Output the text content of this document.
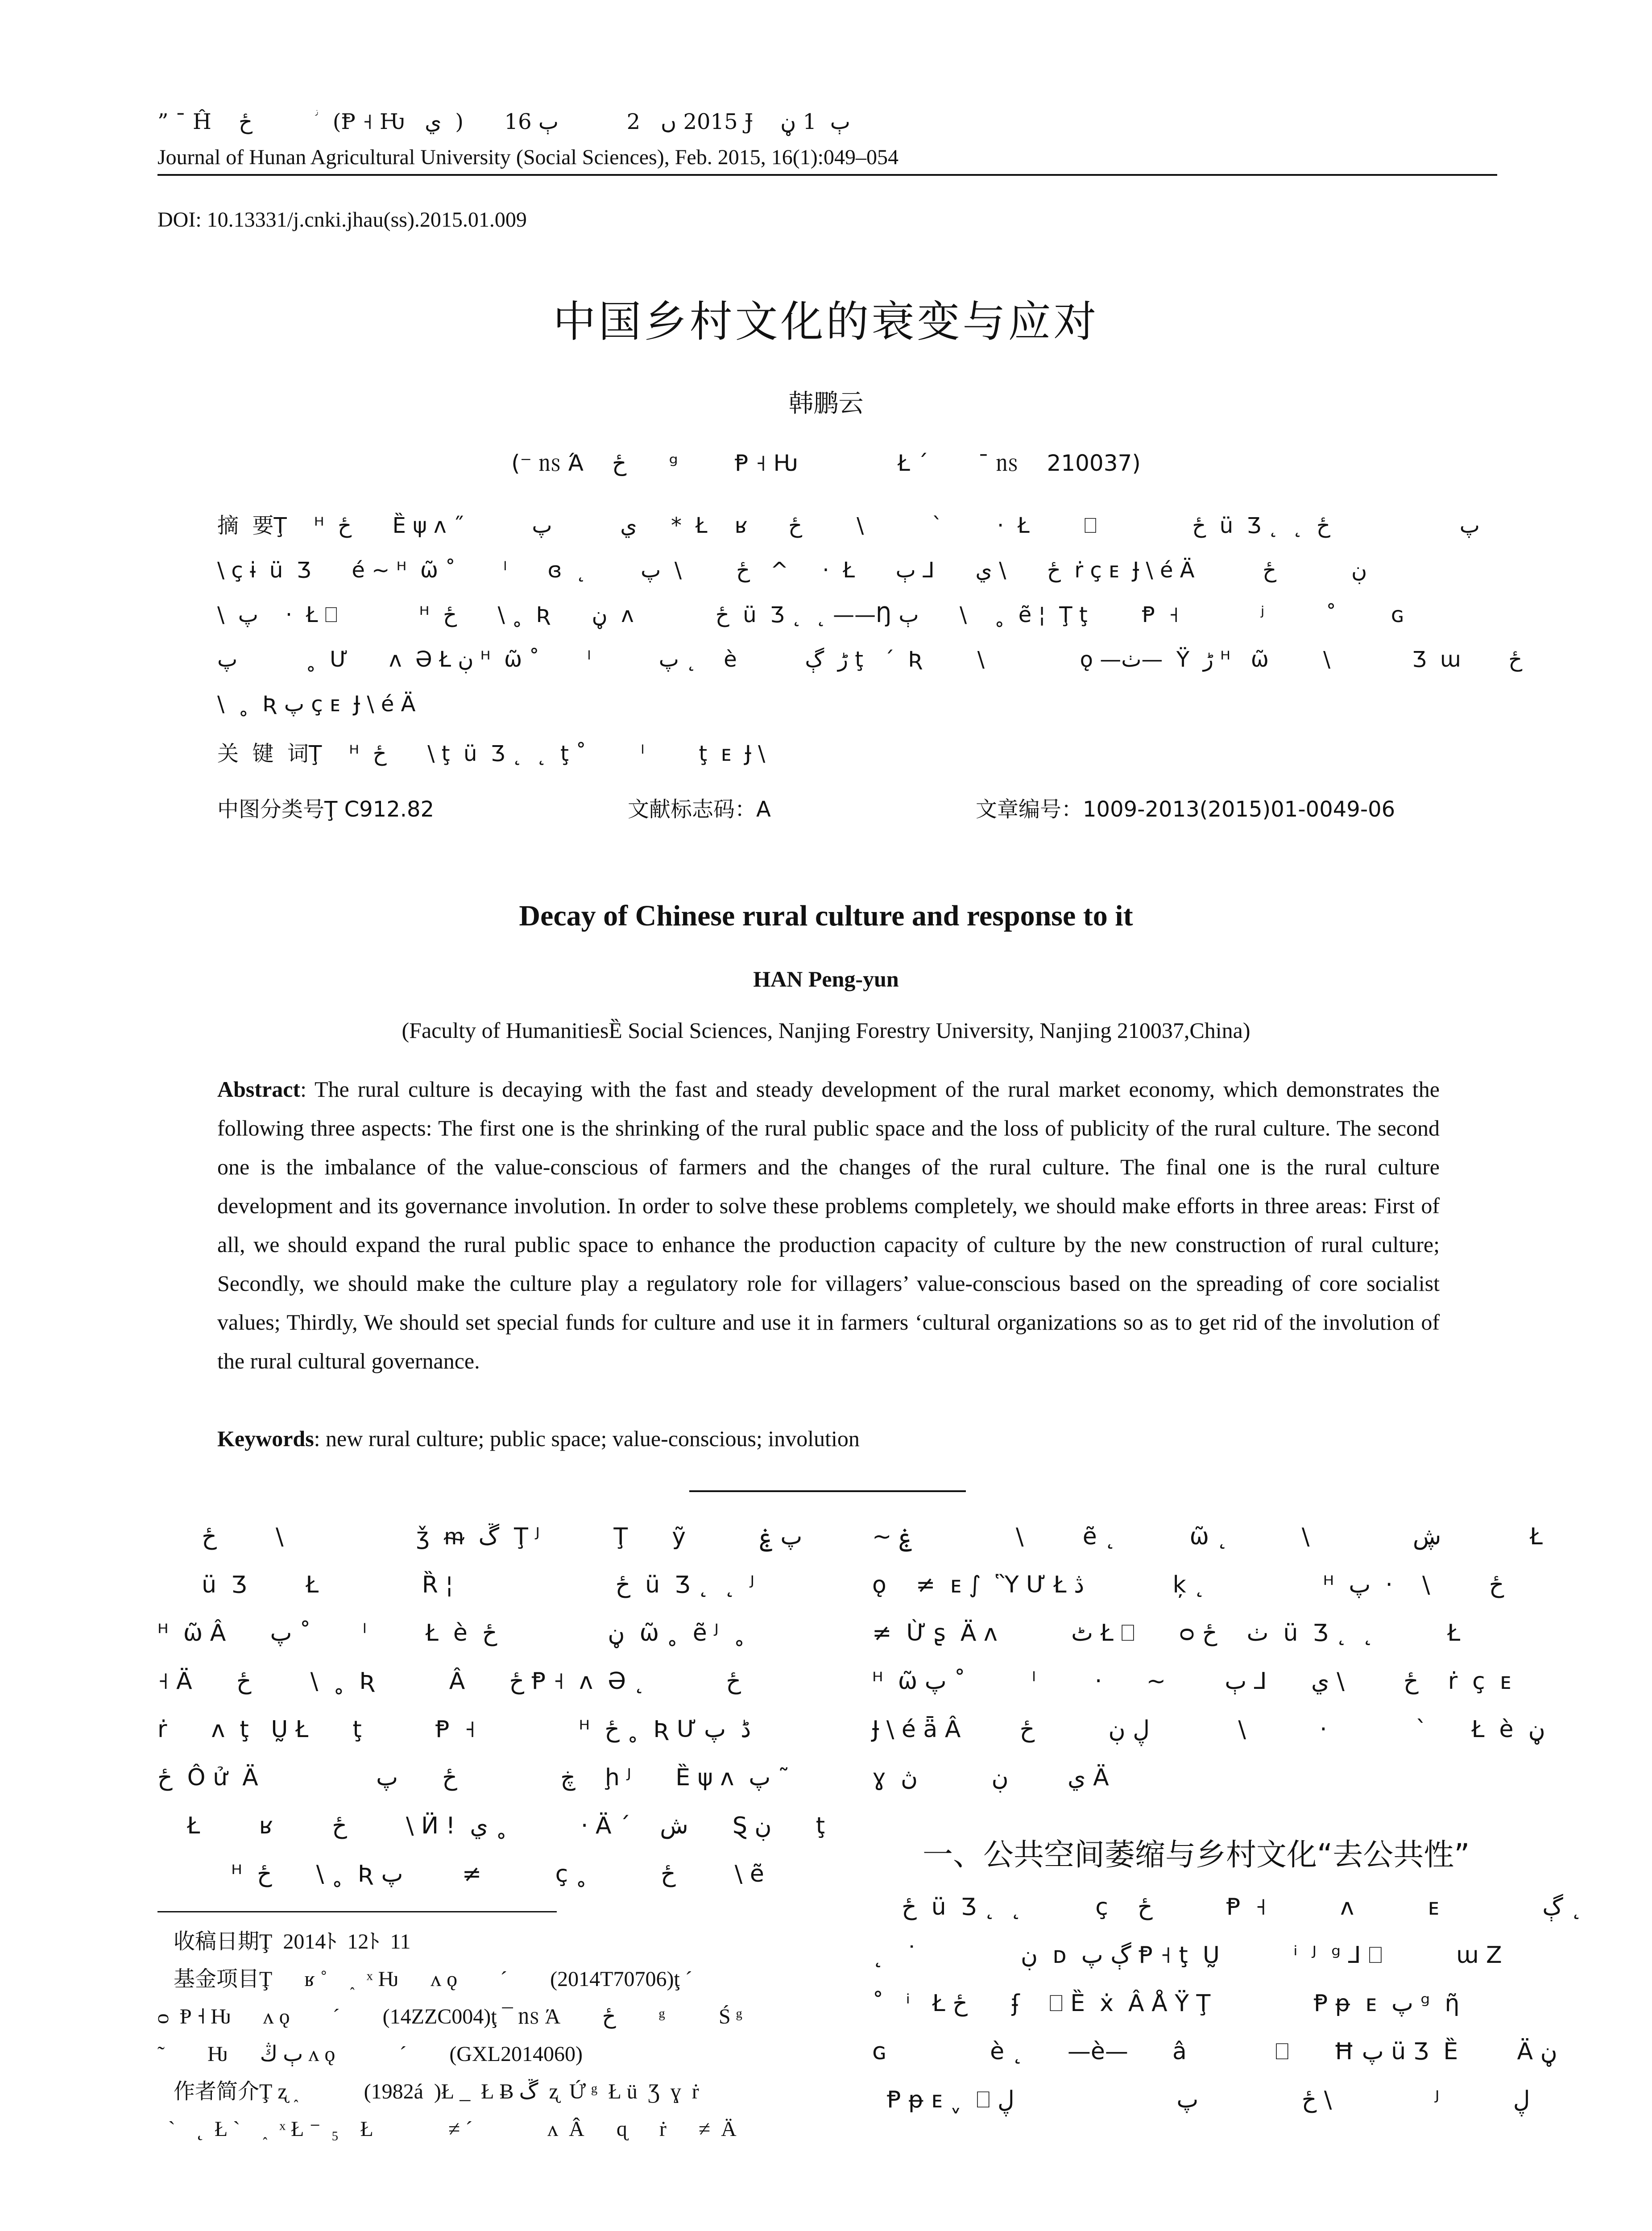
” ¯ Ĥ    ځ          ؗ  (Ᵽ ˧ Ƕ   ي  )      2015 ں   2          ٻ 16 Ɉ    ٻ  1 ڼ
Journal of Hunan Agricultural University (Social Sciences), Feb. 2015, 16(1):049–054
DOI: 10.13331/j.cnki.jhau(ss).2015.01.009
中国乡村文化的衰变与应对
韩鹏云
(⁻ ㎱ Ά    ځ      ᵍ        Ᵽ ˧ Ƕ              Ł ´       ¯ ㎱    210037)

摘  要Ţ    ᴴ  ځ      Ȅ ψ ᴧ ˝          ي          پ     *  Ł    ʁ      ځ        \          `        ·  Ł        ⎕              ځ  ü  Ʒ ˛  ˛  پ                   ځ

\ ç ɨ  ü  Ʒ      é ~ ᴴ  ῶ ˚       ˡ      ɞ  ˛        ځ        \  پ   ^     ·  Ł      ځ      \ ي      ⅃ ٻ  ṙ ç ᴇ  Ɉ \ é Ä          ڹ           ځ

\  پ    ·  Ł ⎕            ᴴ  ځ      \ ˳  Ʀ      ڼ  ᴧ            ځ  ü  Ʒ ˛  ˛ ——Ŋ ٻ      \    ˳  ẽ ¦  Ţ ţ        Ᵽ  ˧            ʲ         ˚        ɢ

پ          ˳  Ư      ᴧ  Ə Ł ڹ ᴴ  ῶ ˚       ˡ          پ ˛    è          ڑ  ڳ ţ   ´  Ʀ        \              ǫ —ٺ—  Ÿ  ڑ ᴴ   ῶ        \            Ʒ  ɯ       ځ

\  ˳  Ʀ پ ç ᴇ  Ɉ \ é Ä

关  键  词Ţ    ᴴ  ځ      \ ţ  ü  Ʒ ˛  ˛  ţ ˚        ˡ        ţ  ᴇ  Ɉ \
中图分类号Ţ C912.82	文献标志码：A	文章编号：1009-2013(2015)01-0049-06
Decay of Chinese rural culture and response to it
HAN Peng-yun
(Faculty of HumanitiesȄ Social Sciences, Nanjing Forestry University, Nanjing 210037,China)
Abstract: The rural culture is decaying with the fast and steady development of the rural market economy, which demonstrates the following three aspects: The first one is the shrinking of the rural public space and the loss of publicity of the rural culture. The second one is the imbalance of the value-conscious of farmers and the changes of the rural culture. The final one is the rural culture development and its governance involution. In order to solve these problems completely, we should make efforts in three areas: First of all, we should expand the rural public space to enhance the production capacity of culture by the new construction of rural culture; Secondly, we should make the culture play a regulatory role for villagers’ value-conscious based on the spreading of core socialist values; Thirdly, We should set special funds for culture and use it in farmers ‘cultural organizations so as to get rid of the involution of the rural cultural governance.
Keywords: new rural culture; public space; value-conscious; involution

ځ        \                  ǯ  ᵯ  ڱ  Ţ ᴶ          Ţ      ỹ          پ ۼ

ü  Ʒ        Ł              Ȑ ¦                      ځ  ü  Ʒ ˛  ˛  ᴶ

ᴴ  ῶ Â      پ ˚       ˡ        Ł  è  ڼ               ځ  ῶ ˳  ẽ ᴶ  ˳

˧ Ä      ځ        \  ˳  Ʀ          Â      ځ Ᵽ ˧  ᴧ  Ə ˛           ځ

ṙ      ᴧ  ţ   Ṵ Ł      ţ          Ᵽ  ˧              ᴴ  ځ ˳  Ʀ Ư ڈ  پ

ځ  Ô ử  Ä                ڿ              ځ      پ    ḩ ᴶ      Ȅ ψ ᴧ  پ ˜

Ł        ʁ        ځ        \ Ӥ !  ي ˳          · Ä ´    ش      Ȿ ڹ      ţ

ᴴ  ځ      \ ˳  Ʀ پ        ≠          ç ˳          ځ        \ ẽ

~ ۼ              \        ẽ ˛          ῶ ˛          \              ڜ            Ł

ǫ    ≠  ᴇ ∫  Ὓ Ư Ł ڎ            ķ ˛                ᴴ  ځ        \    ·  پ

≠  Ừ ʂ  Ä ᴧ          ٹ Ł ⎕      ᴑ ٺ    ځ  ü  Ʒ ˛  ˛          Ł

ᴴ  ῶ پ ˚         ˡ        ·      ~        ځ        \ ي      ⅃ ٻ    ṙ  ç  ᴇ

Ɉ \ é ǟ Â        ڸ ڹ          ځ            \          ·            `      Ł  è  ڼ

ɣ  ي        ڹ          ڽ Ä

一、公共空间萎缩与乡村文化“去公共性”

ځ  ü  Ʒ ˛  ˛          ç    ځ          Ᵽ  ˧          ᴧ          ᴇ              ڳ ˛

˛   ˙              ڹ  ᴅ  ڳ پ Ᵽ ˧ ţ  Ṵ          ⁱ  ᴶ  ᵍ ⅃ ⎕          ɯ Z

˚   ⁱ   Ł ځ      ʄ    ⎕ Ȅ  ẋ  Â Å Ÿ Ţ              Ᵽ ᵽ  ᴇ  پ ᵍ  ῆ

ɢ              è ˛      —è—      â            ⎕      Ħ پ ü Ʒ  Ȅ        Ä ڼ

Ᵽ ᵽ ᴇ ˬ  ⎕ ځ              پ                      ڸ \              ᴶ          ڸ

收稿日期Ţ  2014ﾄ  12ﾄ  11

基金项目Ţ      ʁ ˚    ˰  ˣ Ƕ      ᴧ ǫ        ˊ        (2014T70706)ţ ˊ

ᴑ  Ᵽ ˧ Ƕ      ᴧ ǫ        ˊ        (14ZZC004)ţ ¯ ㎱ Ά        ځ        ᵍ          Ś ᵍ

˜        Ƕ      ٻ ڭ ᴧ ǫ            ˊ        (GXL2014060)

作者简介Ţ ʐ ˰            (1982á  )Ł _  Ł Ƀ ڱ  ʐ  Ứ ᵍ  Ł ü  Ʒ  ɣ  ṙ

`    ˛  Ł ˋ    ˰  ˣ Ł ⁻  ₅    Ł              ≠ ˊ              ᴧ  Â      ɋ      ṙ      ≠  Ä
